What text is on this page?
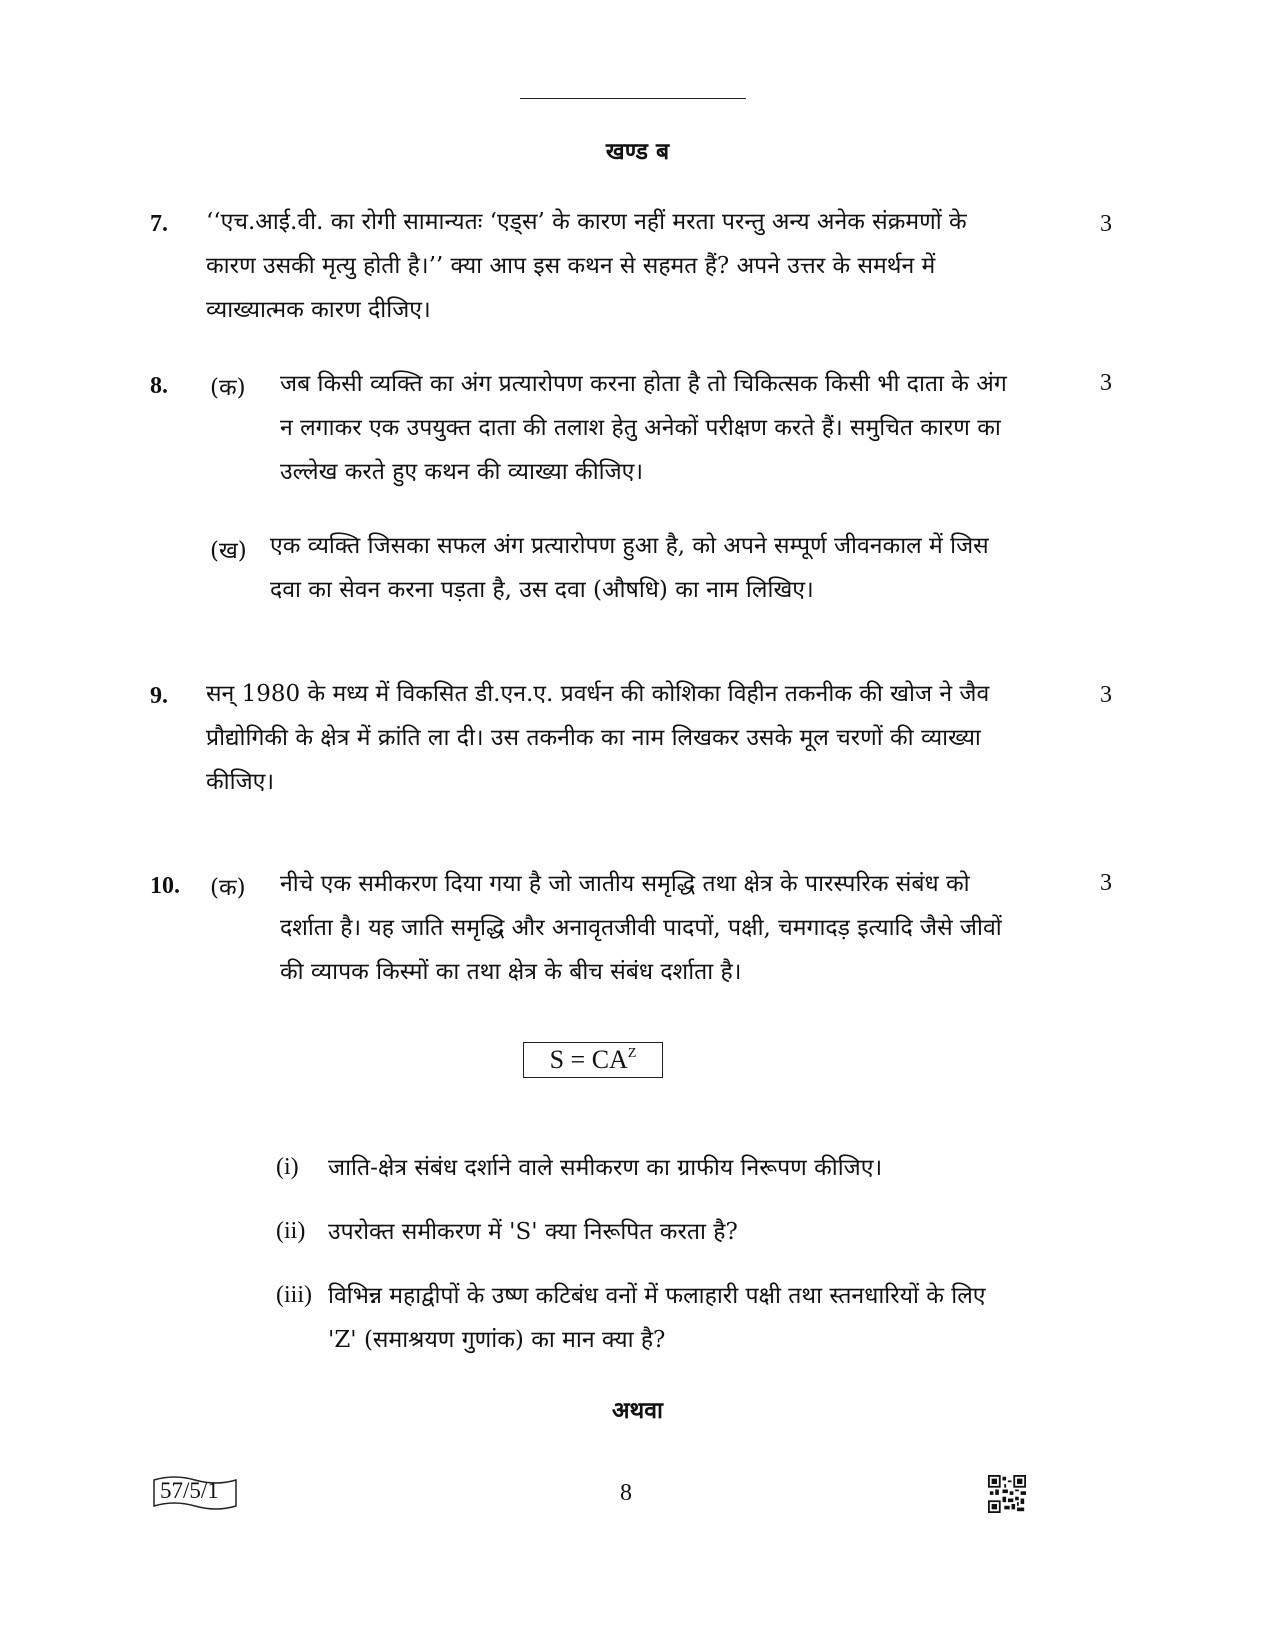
खण्ड ब
7. ‘‘एच.आई.वी. का रोगी सामान्यतः ‘एड्स’ के कारण नहीं मरता परन्तु अन्य अनेक संक्रमणों के कारण उसकी मृत्यु होती है।’’ क्या आप इस कथन से सहमत हैं? अपने उत्तर के समर्थन में व्याख्यात्मक कारण दीजिए।
3
8. (क) जब किसी व्यक्ति का अंग प्रत्यारोपण करना होता है तो चिकित्सक किसी भी दाता के अंग न लगाकर एक उपयुक्त दाता की तलाश हेतु अनेकों परीक्षण करते हैं। समुचित कारण का उल्लेख करते हुए कथन की व्याख्या कीजिए।
3
(ख) एक व्यक्ति जिसका सफल अंग प्रत्यारोपण हुआ है, को अपने सम्पूर्ण जीवनकाल में जिस दवा का सेवन करना पड़ता है, उस दवा (औषधि) का नाम लिखिए।
9. सन् 1980 के मध्य में विकसित डी.एन.ए. प्रवर्धन की कोशिका विहीन तकनीक की खोज ने जैव प्रौद्योगिकी के क्षेत्र में क्रांति ला दी। उस तकनीक का नाम लिखकर उसके मूल चरणों की व्याख्या कीजिए।
3
10. (क) नीचे एक समीकरण दिया गया है जो जातीय समृद्धि तथा क्षेत्र के पारस्परिक संबंध को दर्शाता है। यह जाति समृद्धि और अनावृतजीवी पादपों, पक्षी, चमगादड़ इत्यादि जैसे जीवों की व्यापक किस्मों का तथा क्षेत्र के बीच संबंध दर्शाता है।
3
$S = CA^Z$
(i) जाति-क्षेत्र संबंध दर्शाने वाले समीकरण का ग्राफीय निरूपण कीजिए।
(ii) उपरोक्त समीकरण में 'S' क्या निरूपित करता है?
(iii) विभिन्न महाद्वीपों के उष्ण कटिबंध वनों में फलाहारी पक्षी तथा स्तनधारियों के लिए 'Z' (समाश्रयण गुणांक) का मान क्या है?
अथवा
57/5/1	8
